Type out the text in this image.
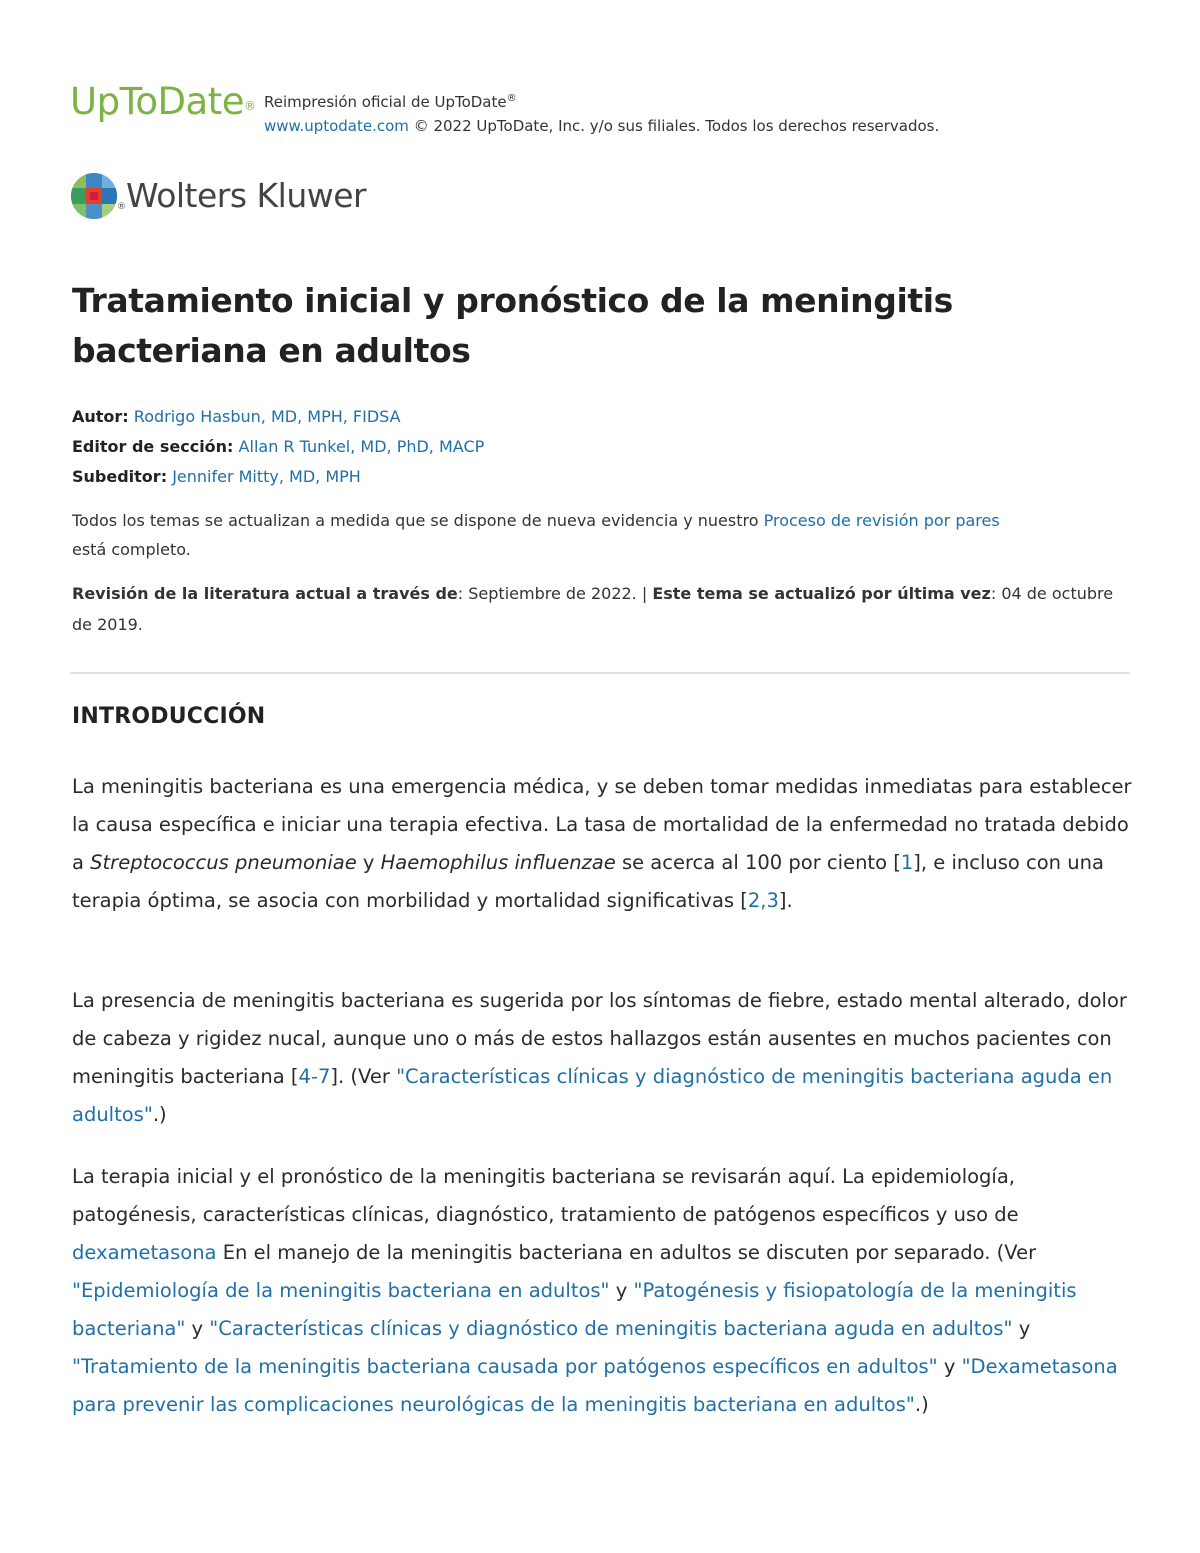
UpToDate® Reimpresión oficial de UpToDate®
www.uptodate.com © 2022 UpToDate, Inc. y/o sus filiales. Todos los derechos reservados.
® Wolters Kluwer
Tratamiento inicial y pronóstico de la meningitis
bacteriana en adultos
Autor: Rodrigo Hasbun, MD, MPH, FIDSA
Editor de sección: Allan R Tunkel, MD, PhD, MACP
Subeditor: Jennifer Mitty, MD, MPH
Todos los temas se actualizan a medida que se dispone de nueva evidencia y nuestro Proceso de revisión por pares
está completo.
Revisión de la literatura actual a través de: Septiembre de 2022. | Este tema se actualizó por última vez: 04 de octubre de 2019.
INTRODUCCIÓN

La meningitis bacteriana es una emergencia médica, y se deben tomar medidas inmediatas para establecer la causa específica e iniciar una terapia efectiva. La tasa de mortalidad de la enfermedad no tratada debido a Streptococcus pneumoniae y Haemophilus influenzae se acerca al 100 por ciento [1], e incluso con una terapia óptima, se asocia con morbilidad y mortalidad significativas [2,3].

La presencia de meningitis bacteriana es sugerida por los síntomas de fiebre, estado mental alterado, dolor de cabeza y rigidez nucal, aunque uno o más de estos hallazgos están ausentes en muchos pacientes con meningitis bacteriana [4-7]. (Ver "Características clínicas y diagnóstico de meningitis bacteriana aguda en adultos".)

La terapia inicial y el pronóstico de la meningitis bacteriana se revisarán aquí. La epidemiología, patogénesis, características clínicas, diagnóstico, tratamiento de patógenos específicos y uso de dexametasona En el manejo de la meningitis bacteriana en adultos se discuten por separado. (Ver "Epidemiología de la meningitis bacteriana en adultos" y "Patogénesis y fisiopatología de la meningitis bacteriana" y "Características clínicas y diagnóstico de meningitis bacteriana aguda en adultos" y "Tratamiento de la meningitis bacteriana causada por patógenos específicos en adultos" y "Dexametasona para prevenir las complicaciones neurológicas de la meningitis bacteriana en adultos".)
